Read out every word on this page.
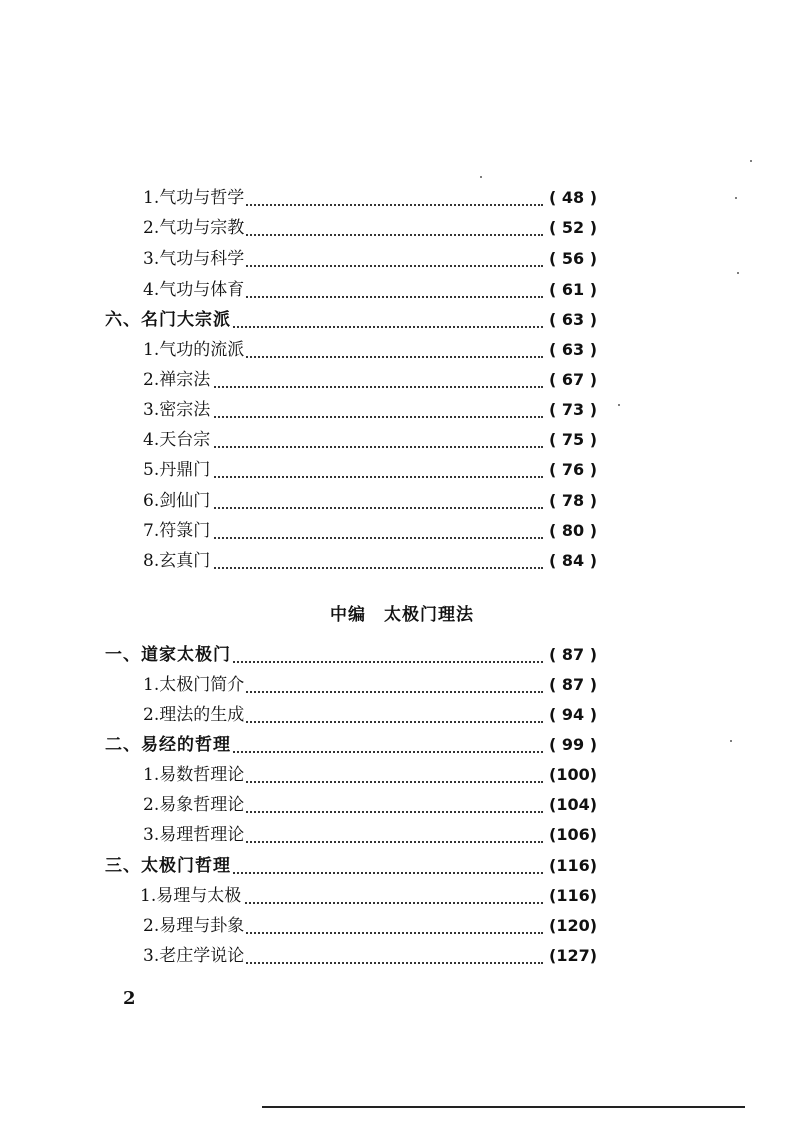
1.气功与哲学	( 48 )
2.气功与宗教	( 52 )
3.气功与科学	( 56 )
4.气功与体育	( 61 )
六、名门大宗派	( 63 )
1.气功的流派	( 63 )
2.禅宗法	( 67 )
3.密宗法	( 73 )
4.天台宗	( 75 )
5.丹鼎门	( 76 )
6.剑仙门	( 78 )
7.符箓门	( 80 )
8.玄真门	( 84 )
中编　太极门理法
一、道家太极门	( 87 )
1.太极门简介	( 87 )
2.理法的生成	( 94 )
二、易经的哲理	( 99 )
1.易数哲理论	(100)
2.易象哲理论	(104)
3.易理哲理论	(106)
三、太极门哲理	(116)
1.易理与太极	(116)
2.易理与卦象	(120)
3.老庄学说论	(127)
2
